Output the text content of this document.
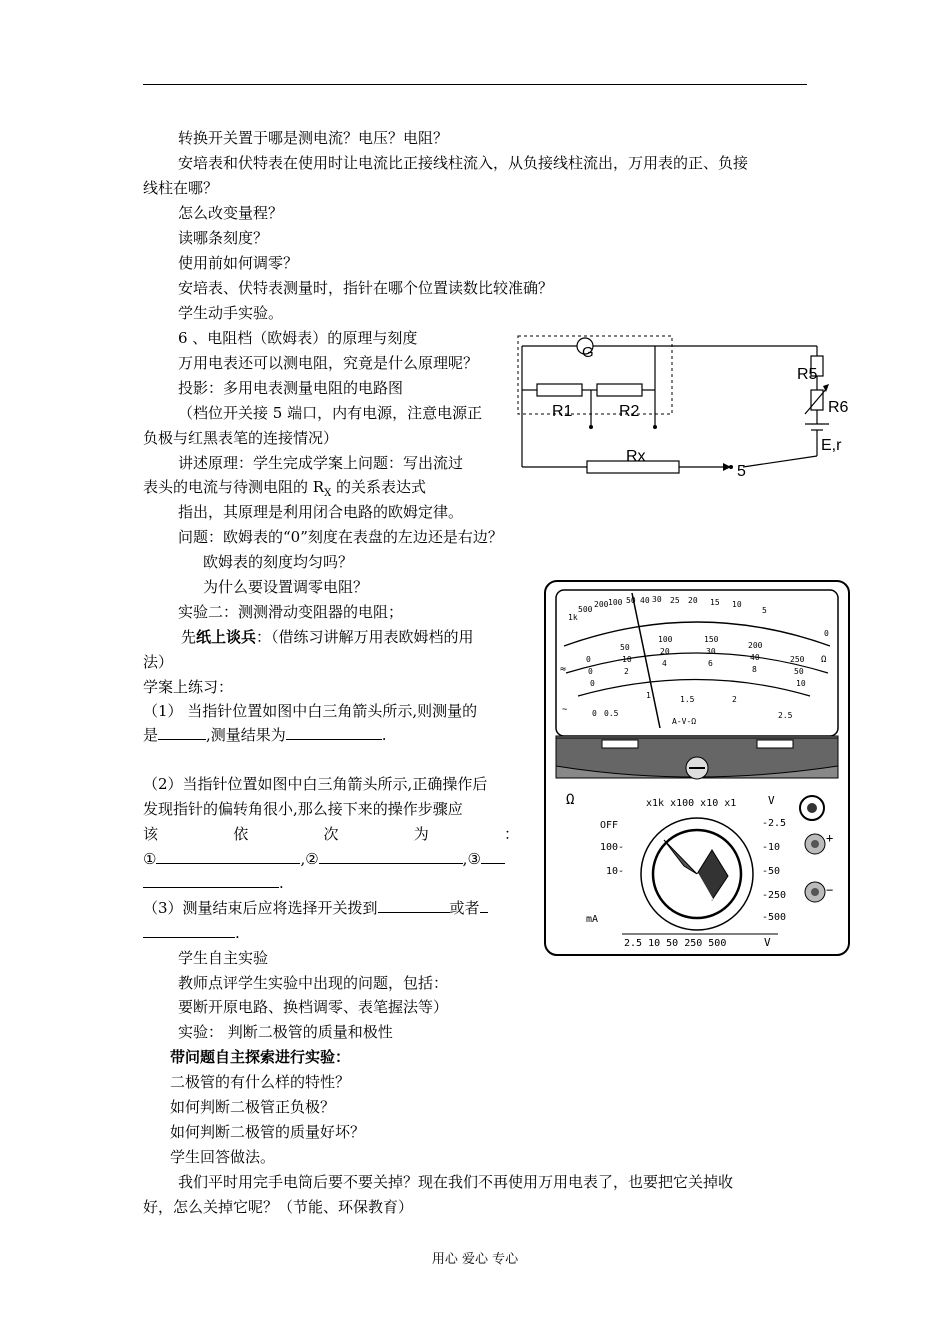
转换开关置于哪是测电流？电压？电阻？
安培表和伏特表在使用时让电流比正接线柱流入，从负接线柱流出，万用表的正、负接
线柱在哪？
怎么改变量程？
读哪条刻度？
使用前如何调零？
安培表、伏特表测量时，指针在哪个位置读数比较准确？
学生动手实验。
6 、电阻档（欧姆表）的原理与刻度
万用电表还可以测电阻，究竟是什么原理呢？
投影：多用电表测量电阻的电路图
（档位开关接 5 端口，内有电源，注意电源正
负极与红黑表笔的连接情况）
讲述原理：学生完成学案上问题：写出流过
表头的电流与待测电阻的 $R_X$ 的关系表达式
指出，其原理是利用闭合电路的欧姆定律。
问题：欧姆表的“0”刻度在表盘的左边还是右边？
欧姆表的刻度均匀吗？
为什么要设置调零电阻？
实验二：测测滑动变阻器的电阻；
先纸上谈兵：（借练习讲解万用表欧姆档的用
法）
学案上练习：
（1） 当指针位置如图中白三角箭头所示,则测量的
是	,测量结果为	.
（2）当指针位置如图中白三角箭头所示,正确操作后
发现指针的偏转角很小,那么接下来的操作步骤应
该	依	次	为	：
①	,②	,③
.
（3）测量结束后应将选择开关拨到	或者
.
学生自主实验
教师点评学生实验中出现的问题，包括：
要断开原电路、换档调零、表笔握法等）
实验： 判断二极管的质量和极性
带问题自主探索进行实验：
二极管的有什么样的特性？
如何判断二极管正负极？
如何判断二极管的质量好坏？
学生回答做法。
我们平时用完手电筒后要不要关掉？现在我们不再使用万用电表了，也要把它关掉收
好，怎么关掉它呢？（节能、环保教育）
G
R1	R2
R5
R6
Rx
E,r
5
1k 500 200 100 50 40 30 25 20 15 10 5 0
Ω
0 50 100	150 200 250
0 10 20	30 40 50
0 2 4	6 8 10
0 0.5 1	1.5	2 2.5
A-V-Ω
≈
~
Ω	x1k x100 x10 x1	V
OFF
100-
10-
-2.5
-10
-50
-250
-500
mA
2.5 10 50 250 500	V
+
−
用心 爱心 专心
